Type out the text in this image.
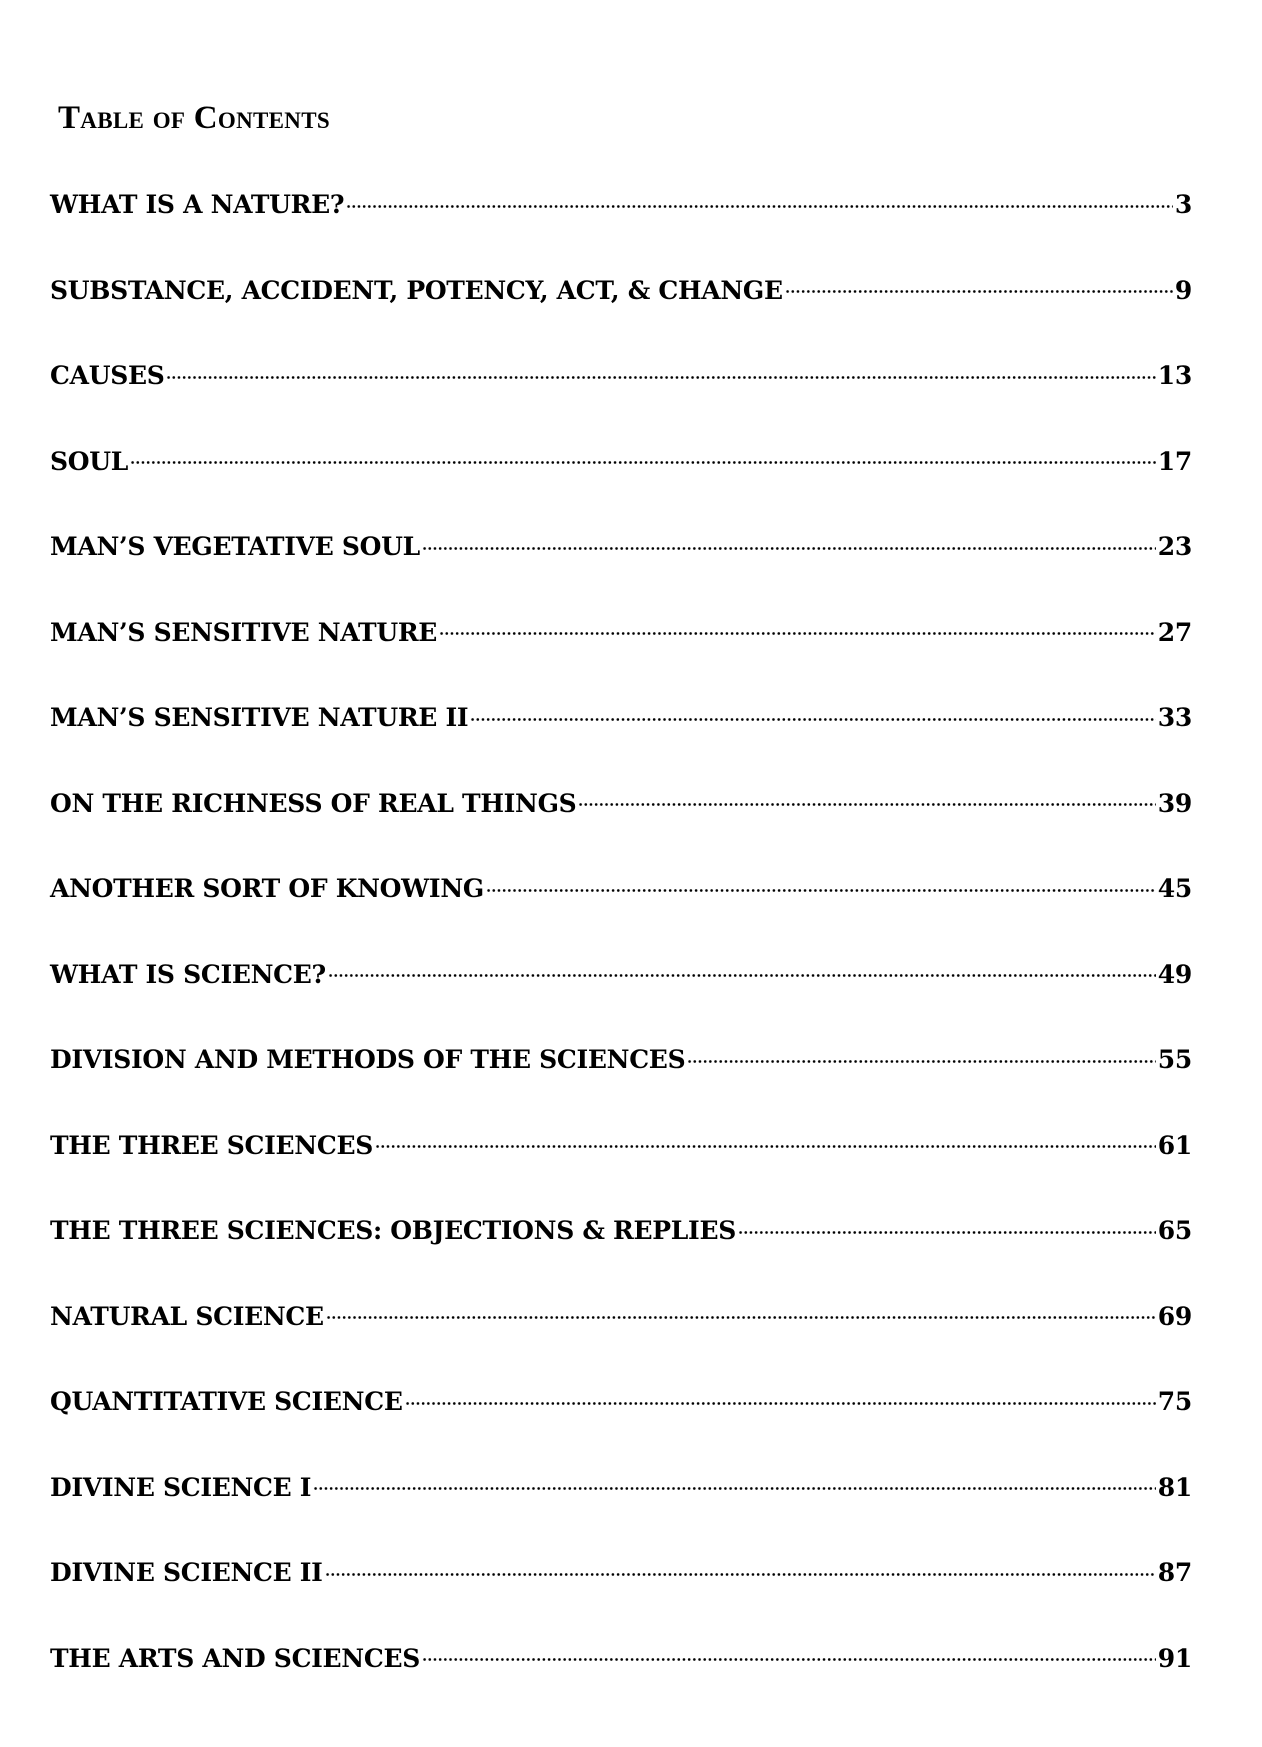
Table of Contents
WHAT IS A NATURE?	3
SUBSTANCE, ACCIDENT, POTENCY, ACT, & CHANGE	9
CAUSES	13
SOUL	17
MAN’S VEGETATIVE SOUL	23
MAN’S SENSITIVE NATURE	27
MAN’S SENSITIVE NATURE II	33
ON THE RICHNESS OF REAL THINGS	39
ANOTHER SORT OF KNOWING	45
WHAT IS SCIENCE?	49
DIVISION AND METHODS OF THE SCIENCES	55
THE THREE SCIENCES	61
THE THREE SCIENCES: OBJECTIONS & REPLIES	65
NATURAL SCIENCE	69
QUANTITATIVE SCIENCE	75
DIVINE SCIENCE I	81
DIVINE SCIENCE II	87
THE ARTS AND SCIENCES	91
